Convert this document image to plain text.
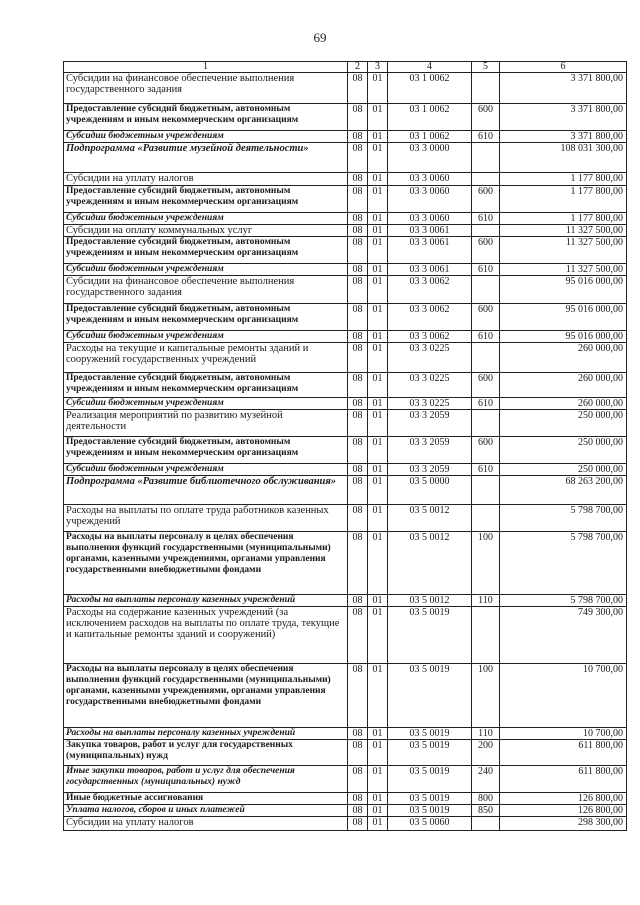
69
1	2	3	4	5	6
Субсидии на финансовое обеспечение выполнения государственного задания	08	01	03 1 0062		3 371 800,00
Предоставление субсидий бюджетным, автономным учреждениям и иным некоммерческим организациям	08	01	03 1 0062	600	3 371 800,00
Субсидии бюджетным учреждениям	08	01	03 1 0062	610	3 371 800,00
Подпрограмма «Развитие музейной деятельности»	08	01	03 3 0000		108 031 300,00
Субсидии на уплату налогов	08	01	03 3 0060		1 177 800,00
Предоставление субсидий бюджетным, автономным учреждениям и иным некоммерческим организациям	08	01	03 3 0060	600	1 177 800,00
Субсидии бюджетным учреждениям	08	01	03 3 0060	610	1 177 800,00
Субсидии на оплату коммунальных услуг	08	01	03 3 0061		11 327 500,00
Предоставление субсидий бюджетным, автономным учреждениям и иным некоммерческим организациям	08	01	03 3 0061	600	11 327 500,00
Субсидии бюджетным учреждениям	08	01	03 3 0061	610	11 327 500,00
Субсидии на финансовое обеспечение выполнения государственного задания	08	01	03 3 0062		95 016 000,00
Предоставление субсидий бюджетным, автономным учреждениям и иным некоммерческим организациям	08	01	03 3 0062	600	95 016 000,00
Субсидии бюджетным учреждениям	08	01	03 3 0062	610	95 016 000,00
Расходы на текущие и капитальные ремонты зданий и сооружений государственных учреждений	08	01	03 3 0225		260 000,00
Предоставление субсидий бюджетным, автономным учреждениям и иным некоммерческим организациям	08	01	03 3 0225	600	260 000,00
Субсидии бюджетным учреждениям	08	01	03 3 0225	610	260 000,00
Реализация мероприятий по развитию музейной деятельности	08	01	03 3 2059		250 000,00
Предоставление субсидий бюджетным, автономным учреждениям и иным некоммерческим организациям	08	01	03 3 2059	600	250 000,00
Субсидии бюджетным учреждениям	08	01	03 3 2059	610	250 000,00
Подпрограмма «Развитие библиотечного обслуживания»	08	01	03 5 0000		68 263 200,00
Расходы на выплаты по оплате труда работников казенных учреждений	08	01	03 5 0012		5 798 700,00
Расходы на выплаты персоналу в целях обеспечения выполнения функций государственными (муниципальными) органами, казенными учреждениями, органами управления государственными внебюджетными фондами	08	01	03 5 0012	100	5 798 700,00
Расходы на выплаты персоналу казенных учреждений	08	01	03 5 0012	110	5 798 700,00
Расходы на содержание казенных учреждений (за исключением расходов на выплаты по оплате труда, текущие и капитальные ремонты зданий и сооружений)	08	01	03 5 0019		749 300,00
Расходы на выплаты персоналу в целях обеспечения выполнения функций государственными (муниципальными) органами, казенными учреждениями, органами управления государственными внебюджетными фондами	08	01	03 5 0019	100	10 700,00
Расходы на выплаты персоналу казенных учреждений	08	01	03 5 0019	110	10 700,00
Закупка товаров, работ и услуг для государственных (муниципальных) нужд	08	01	03 5 0019	200	611 800,00
Иные закупки товаров, работ и услуг для обеспечения государственных (муниципальных) нужд	08	01	03 5 0019	240	611 800,00
Иные бюджетные ассигнования	08	01	03 5 0019	800	126 800,00
Уплата налогов, сборов и иных платежей	08	01	03 5 0019	850	126 800,00
Субсидии на уплату налогов	08	01	03 5 0060		298 300,00
